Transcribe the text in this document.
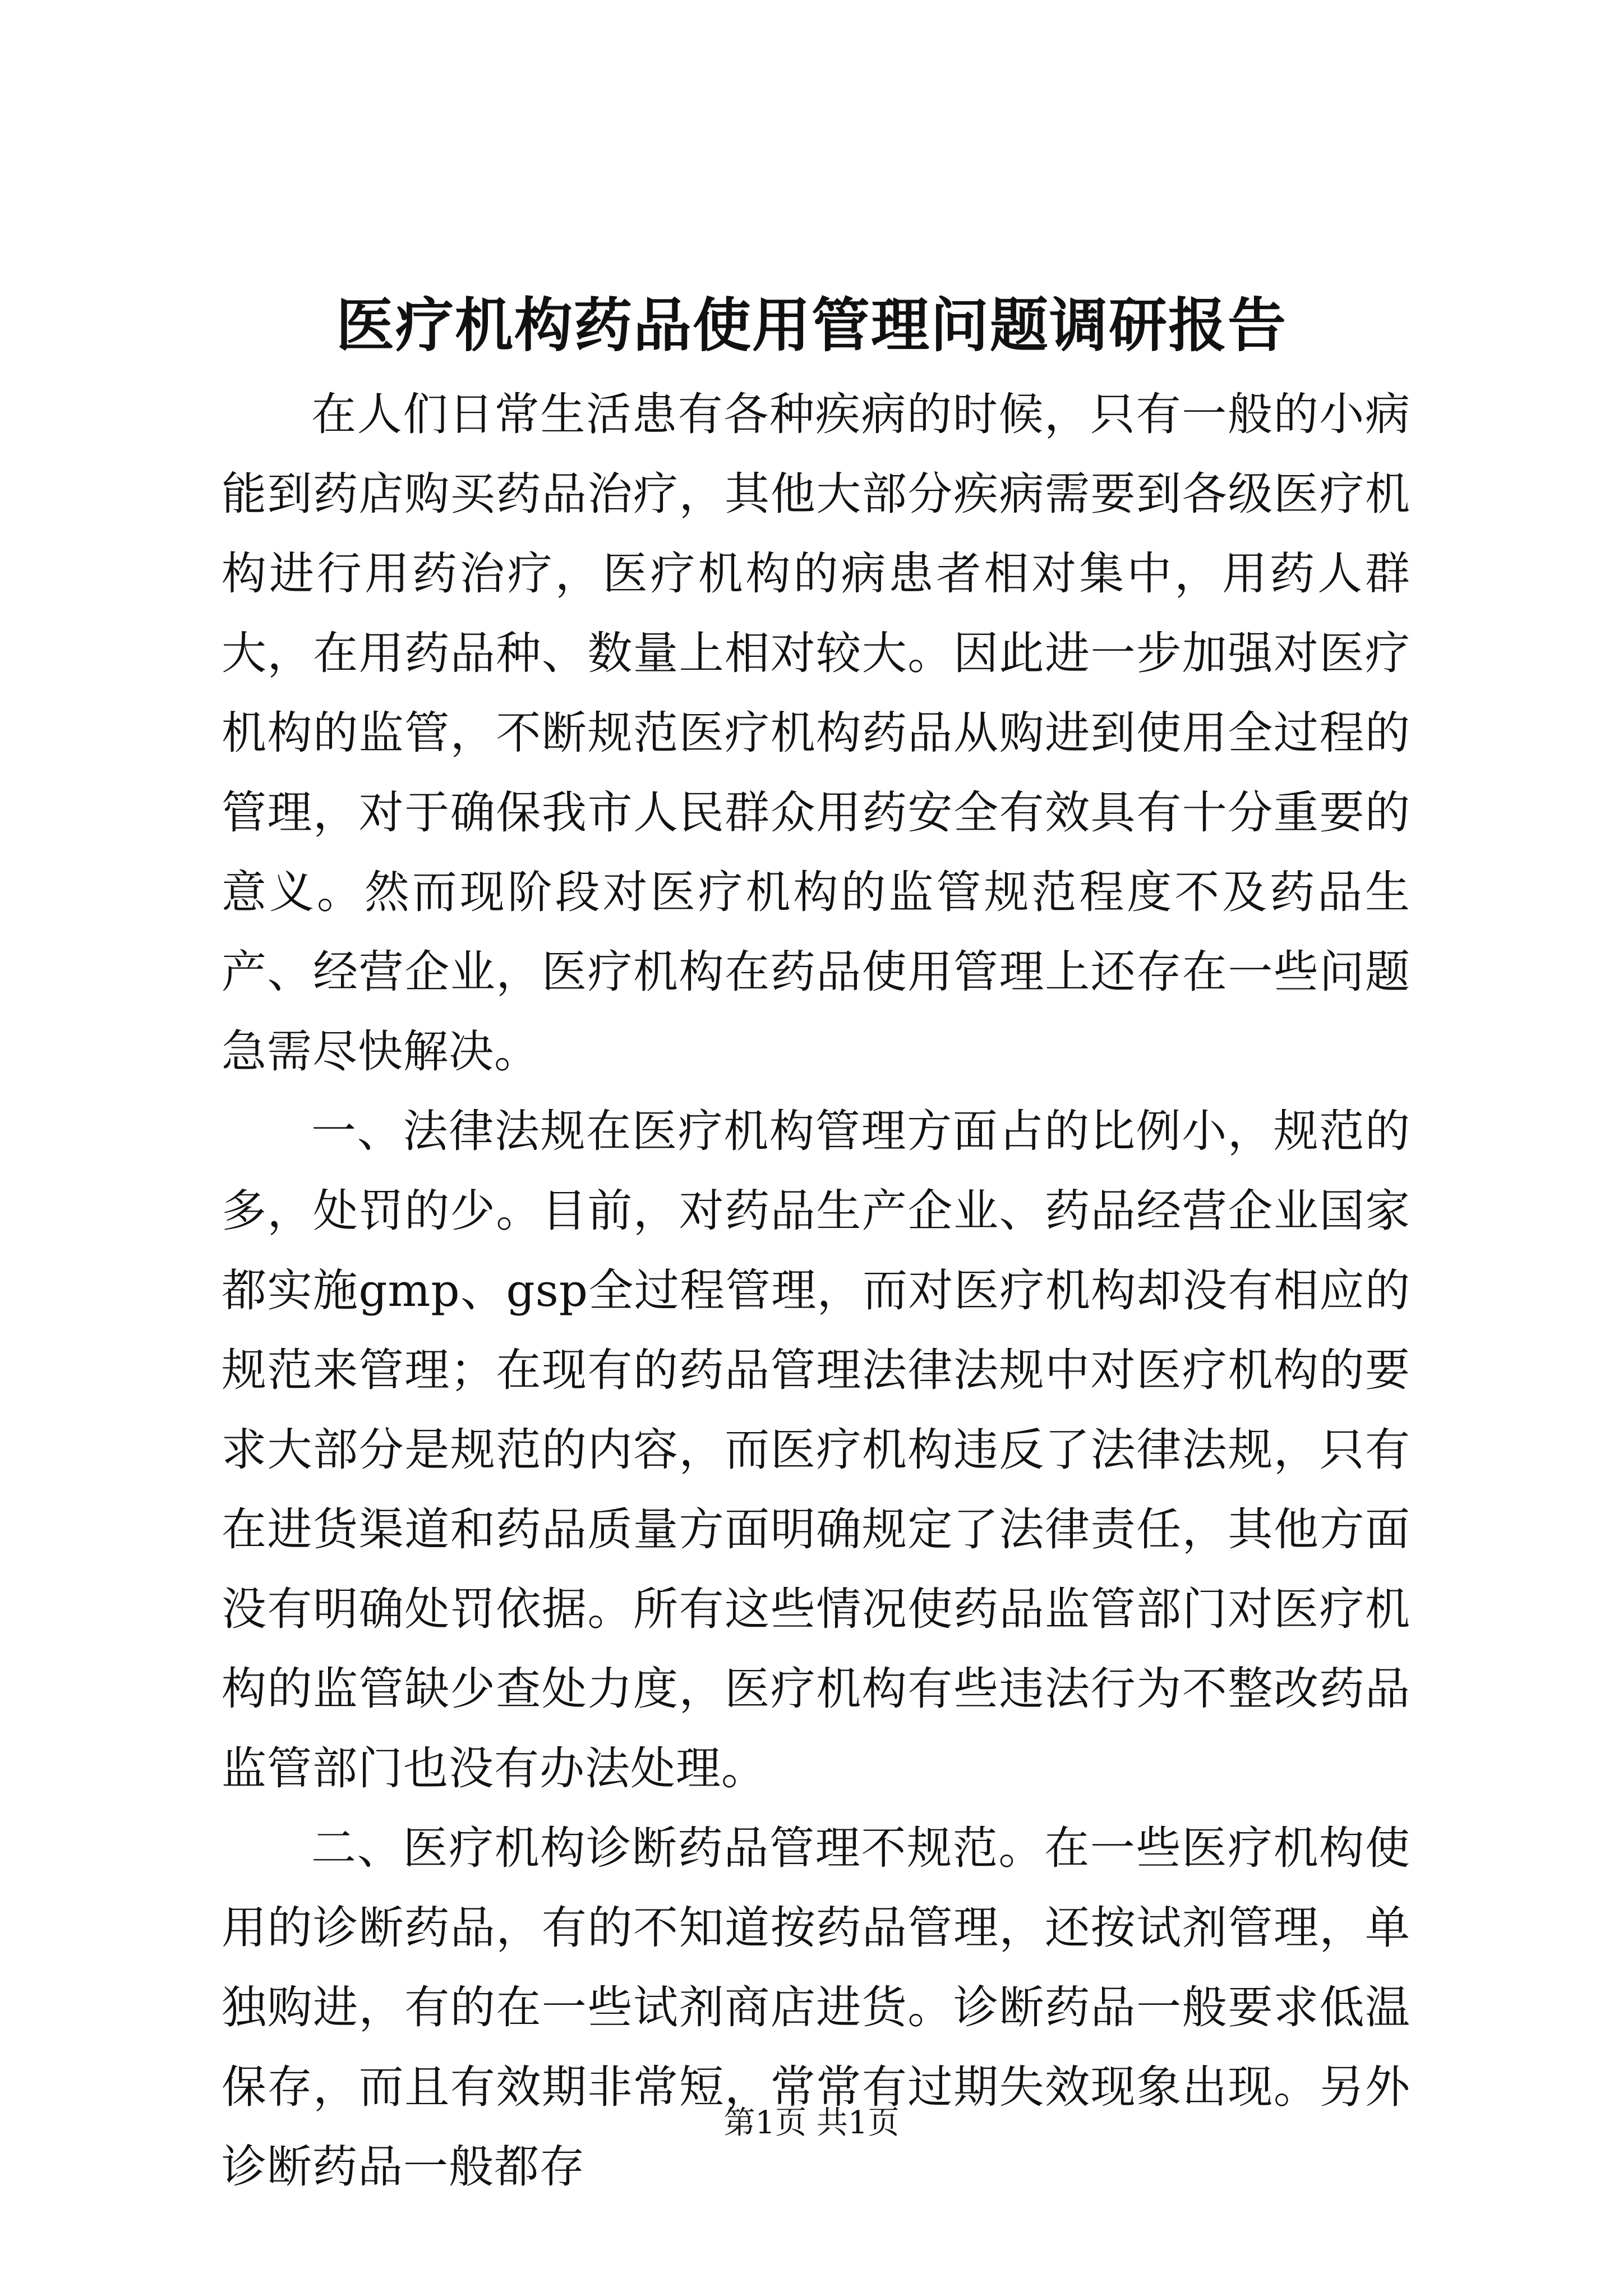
医疗机构药品使用管理问题调研报告

在人们日常生活患有各种疾病的时候，只有一般的小病能到药店购买药品治疗，其他大部分疾病需要到各级医疗机构进行用药治疗，医疗机构的病患者相对集中，用药人群大，在用药品种、数量上相对较大。因此进一步加强对医疗机构的监管，不断规范医疗机构药品从购进到使用全过程的管理，对于确保我市人民群众用药安全有效具有十分重要的意义。然而现阶段对医疗机构的监管规范程度不及药品生产、经营企业，医疗机构在药品使用管理上还存在一些问题急需尽快解决。

一、法律法规在医疗机构管理方面占的比例小，规范的多，处罚的少。目前，对药品生产企业、药品经营企业国家都实施gmp、gsp全过程管理，而对医疗机构却没有相应的规范来管理；在现有的药品管理法律法规中对医疗机构的要求大部分是规范的内容，而医疗机构违反了法律法规，只有在进货渠道和药品质量方面明确规定了法律责任，其他方面没有明确处罚依据。所有这些情况使药品监管部门对医疗机构的监管缺少查处力度，医疗机构有些违法行为不整改药品监管部门也没有办法处理。

二、医疗机构诊断药品管理不规范。在一些医疗机构使用的诊断药品，有的不知道按药品管理，还按试剂管理，单独购进，有的在一些试剂商店进货。诊断药品一般要求低温保存，而且有效期非常短，常常有过期失效现象出现。另外诊断药品一般都存

第1页 共1页
